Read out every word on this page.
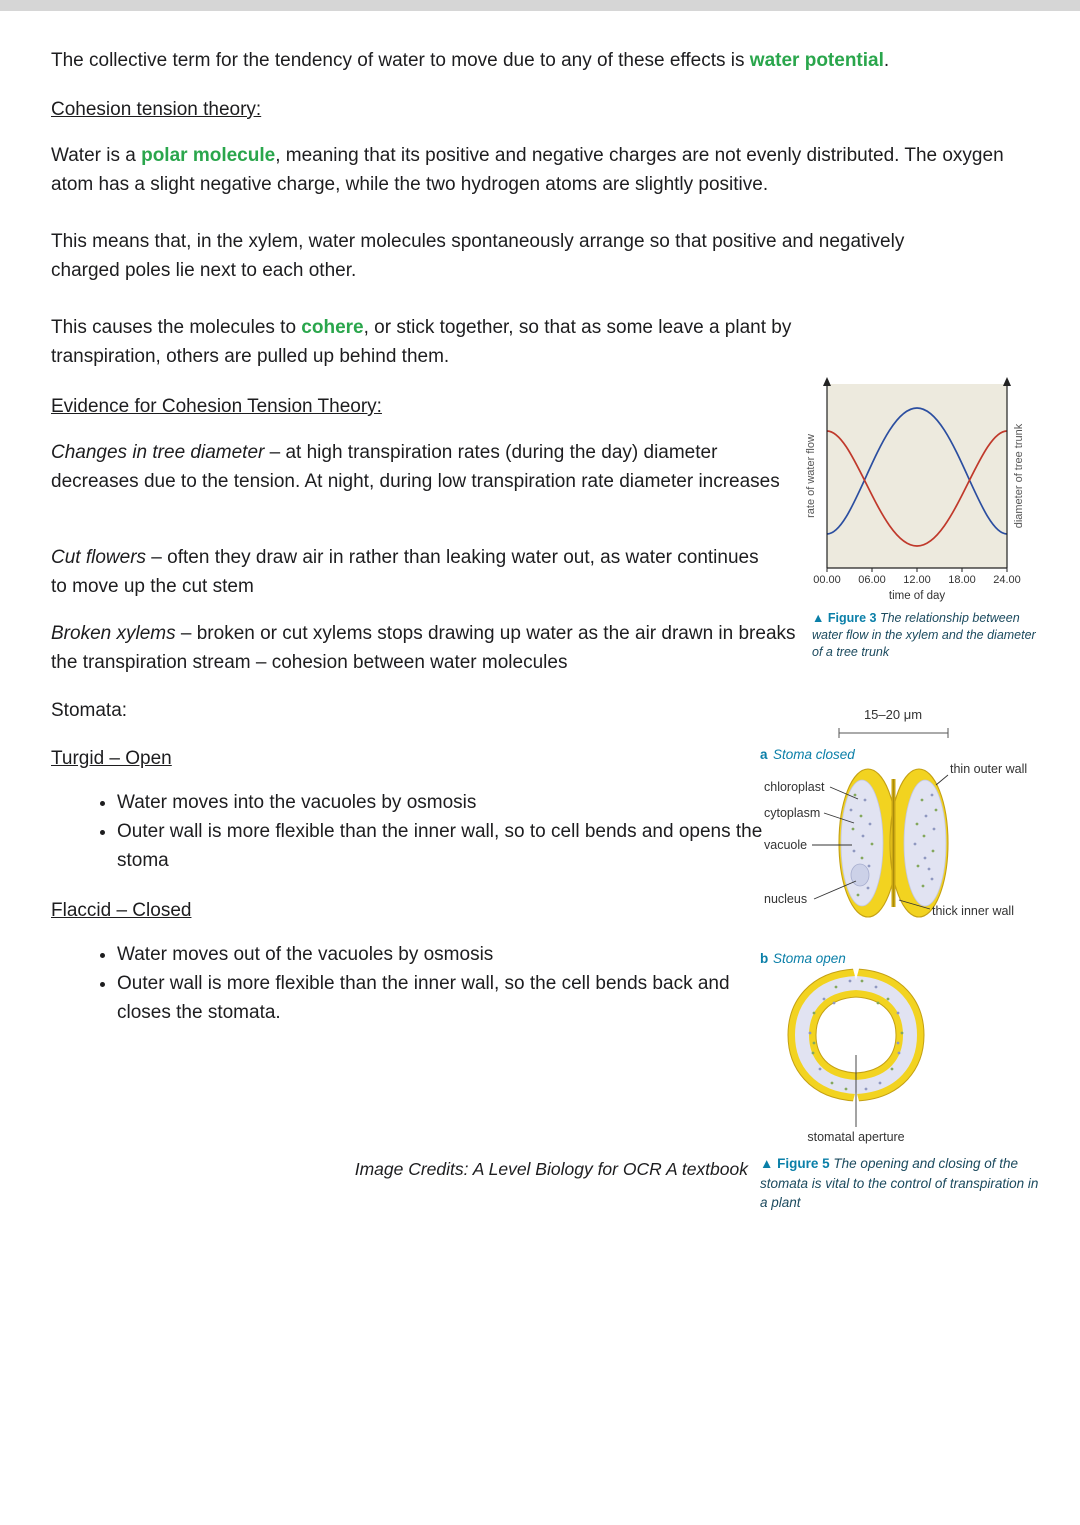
The collective term for the tendency of water to move due to any of these effects is water potential.
Cohesion tension theory:
Water is a polar molecule, meaning that its positive and negative charges are not evenly distributed. The oxygen atom has a slight negative charge, while the two hydrogen atoms are slightly positive.
This means that, in the xylem, water molecules spontaneously arrange so that positive and negatively charged poles lie next to each other.
This causes the molecules to cohere, or stick together, so that as some leave a plant by transpiration, others are pulled up behind them.
Evidence for Cohesion Tension Theory:
Changes in tree diameter – at high transpiration rates (during the day) diameter decreases due to the tension. At night, during low transpiration rate diameter increases
Cut flowers – often they draw air in rather than leaking water out, as water continues to move up the cut stem
Broken xylems – broken or cut xylems stops drawing up water as the air drawn in breaks the transpiration stream – cohesion between water molecules
Stomata:
Turgid – Open
• Water moves into the vacuoles by osmosis
• Outer wall is more flexible than the inner wall, so to cell bends and opens the stoma
Flaccid – Closed
• Water moves out of the vacuoles by osmosis
• Outer wall is more flexible than the inner wall, so the cell bends back and closes the stomata.
Image Credits: A Level Biology for OCR A textbook
rate of water flow	diameter of tree trunk
00.00 06.00 12.00 18.00 24.00
time of day
▲ Figure 3 The relationship between water flow in the xylem and the diameter of a tree trunk
15–20 μm
a Stoma closed
chloroplast
cytoplasm
vacuole
nucleus
thin outer wall
thick inner wall
b Stoma open
stomatal aperture
▲ Figure 5 The opening and closing of the stomata is vital to the control of transpiration in a plant
